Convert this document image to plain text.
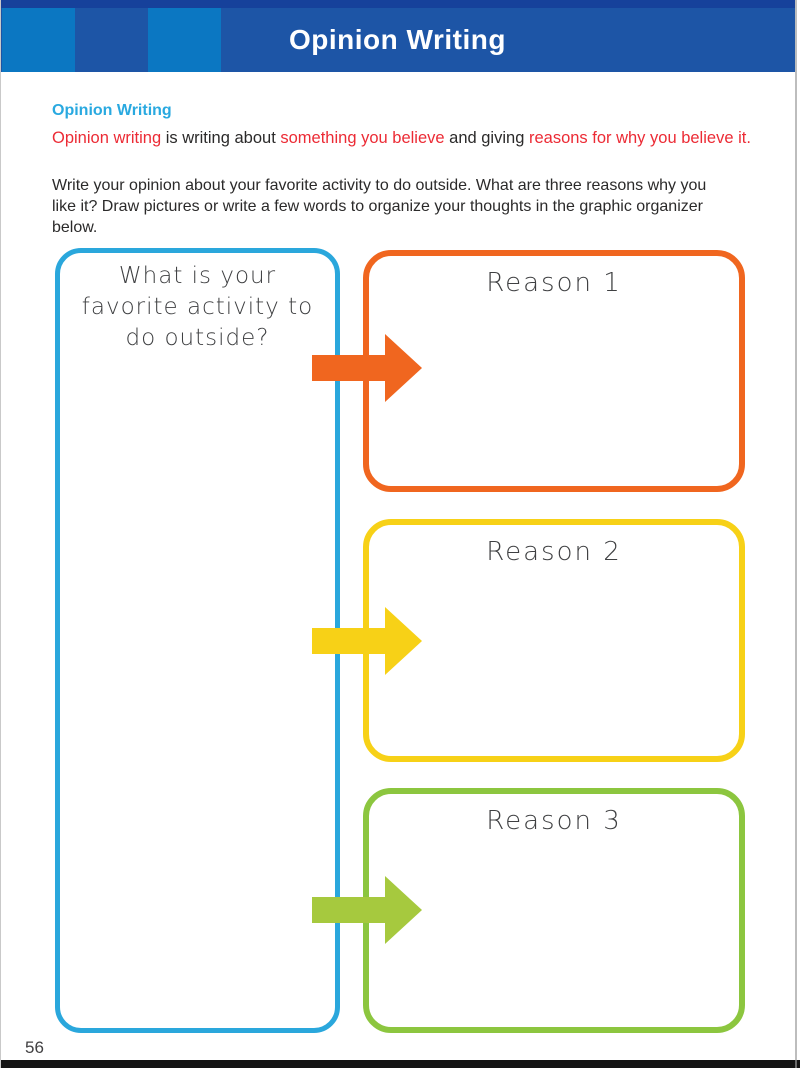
Opinion Writing
Opinion Writing

Opinion writing is writing about something you believe and giving reasons for why you believe it.

Write your opinion about your favorite activity to do outside. What are three reasons why you like it? Draw pictures or write a few words to organize your thoughts in the graphic organizer below.

What is your favorite activity to do outside?
Reason 1
Reason 2
Reason 3
56
